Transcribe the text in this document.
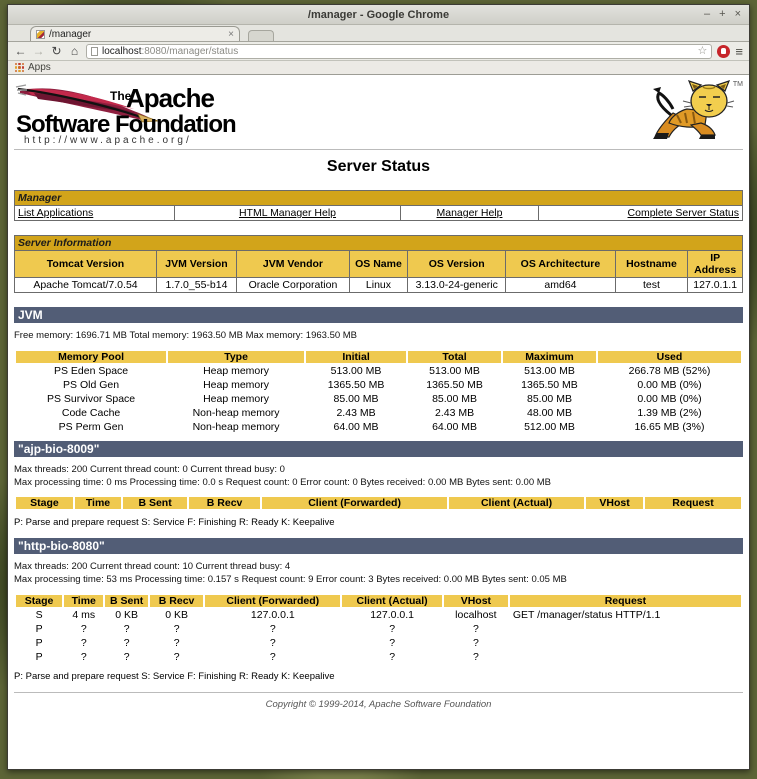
/manager - Google Chrome	– + ×
/manager	×
← → ↻ ⌂ localhost:8080/manager/status	☆ ≡
Apps
The
Apache
Software Foundation
http://www.apache.org/
TM
Server Status
Manager
List Applications	HTML Manager Help	Manager Help	Complete Server Status
Server Information							
Tomcat Version	JVM Version	JVM Vendor	OS Name	OS Version	OS Architecture	Hostname	IP Address
Apache Tomcat/7.0.54	1.7.0_55-b14	Oracle Corporation	Linux	3.13.0-24-generic	amd64	test	127.0.1.1
JVM
Free memory: 1696.71 MB Total memory: 1963.50 MB Max memory: 1963.50 MB
Memory Pool	Type	Initial	Total	Maximum	Used
PS Eden Space	Heap memory	513.00 MB	513.00 MB	513.00 MB	266.78 MB (52%)
PS Old Gen	Heap memory	1365.50 MB	1365.50 MB	1365.50 MB	0.00 MB (0%)
PS Survivor Space	Heap memory	85.00 MB	85.00 MB	85.00 MB	0.00 MB (0%)
Code Cache	Non-heap memory	2.43 MB	2.43 MB	48.00 MB	1.39 MB (2%)
PS Perm Gen	Non-heap memory	64.00 MB	64.00 MB	512.00 MB	16.65 MB (3%)
"ajp-bio-8009"
Max threads: 200 Current thread count: 0 Current thread busy: 0
Max processing time: 0 ms Processing time: 0.0 s Request count: 0 Error count: 0 Bytes received: 0.00 MB Bytes sent: 0.00 MB
Stage	Time	B Sent	B Recv	Client (Forwarded)	Client (Actual)	VHost	Request
P: Parse and prepare request S: Service F: Finishing R: Ready K: Keepalive
"http-bio-8080"
Max threads: 200 Current thread count: 10 Current thread busy: 4
Max processing time: 53 ms Processing time: 0.157 s Request count: 9 Error count: 3 Bytes received: 0.00 MB Bytes sent: 0.05 MB
Stage	Time	B Sent	B Recv	Client (Forwarded)	Client (Actual)	VHost	Request
S	4 ms	0 KB	0 KB	127.0.0.1	127.0.0.1	localhost	GET /manager/status HTTP/1.1
P	?	?	?	?	?	?	
P	?	?	?	?	?	?	
P	?	?	?	?	?	?	
P: Parse and prepare request S: Service F: Finishing R: Ready K: Keepalive
Copyright © 1999-2014, Apache Software Foundation
